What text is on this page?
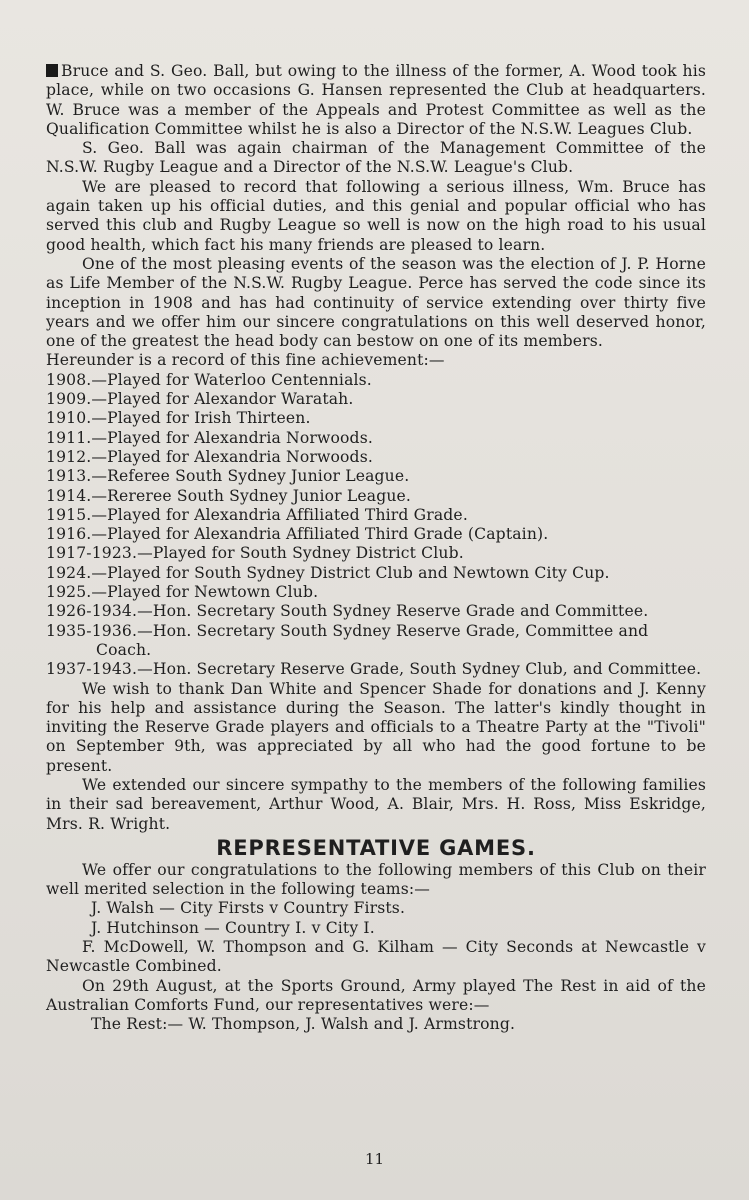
Bruce and S. Geo. Ball, but owing to the illness of the former, A. Wood took his place, while on two occasions G. Hansen represented the Club at headquarters. W. Bruce was a member of the Appeals and Protest Committee as well as the Qualification Committee whilst he is also a Director of the N.S.W. Leagues Club.

S. Geo. Ball was again chairman of the Management Committee of the N.S.W. Rugby League and a Director of the N.S.W. League's Club.

We are pleased to record that following a serious illness, Wm. Bruce has again taken up his official duties, and this genial and popular official who has served this club and Rugby League so well is now on the high road to his usual good health, which fact his many friends are pleased to learn.

One of the most pleasing events of the season was the election of J. P. Horne as Life Member of the N.S.W. Rugby League. Perce has served the code since its inception in 1908 and has had continuity of service extending over thirty five years and we offer him our sincere congratulations on this well deserved honor, one of the greatest the head body can bestow on one of its members.

Hereunder is a record of this fine achievement:—

1908.—Played for Waterloo Centennials.

1909.—Played for Alexandor Waratah.

1910.—Played for Irish Thirteen.

1911.—Played for Alexandria Norwoods.

1912.—Played for Alexandria Norwoods.

1913.—Referee South Sydney Junior League.

1914.—Rereree South Sydney Junior League.

1915.—Played for Alexandria Affiliated Third Grade.

1916.—Played for Alexandria Affiliated Third Grade (Captain).

1917-1923.—Played for South Sydney District Club.

1924.—Played for South Sydney District Club and Newtown City Cup.

1925.—Played for Newtown Club.

1926-1934.—Hon. Secretary South Sydney Reserve Grade and Committee.

1935-1936.—Hon. Secretary South Sydney Reserve Grade, Committee and Coach.

1937-1943.—Hon. Secretary Reserve Grade, South Sydney Club, and Committee.

We wish to thank Dan White and Spencer Shade for donations and J. Kenny for his help and assistance during the Season. The latter's kindly thought in inviting the Reserve Grade players and officials to a Theatre Party at the "Tivoli" on September 9th, was appreciated by all who had the good fortune to be present.

We extended our sincere sympathy to the members of the following families in their sad bereavement, Arthur Wood, A. Blair, Mrs. H. Ross, Miss Eskridge, Mrs. R. Wright.

REPRESENTATIVE GAMES.

We offer our congratulations to the following members of this Club on their well merited selection in the following teams:—

J. Walsh — City Firsts v Country Firsts.

J. Hutchinson — Country I. v City I.

F. McDowell, W. Thompson and G. Kilham — City Seconds at Newcastle v Newcastle Combined.

On 29th August, at the Sports Ground, Army played The Rest in aid of the Australian Comforts Fund, our representatives were:—

The Rest:— W. Thompson, J. Walsh and J. Armstrong.

11
